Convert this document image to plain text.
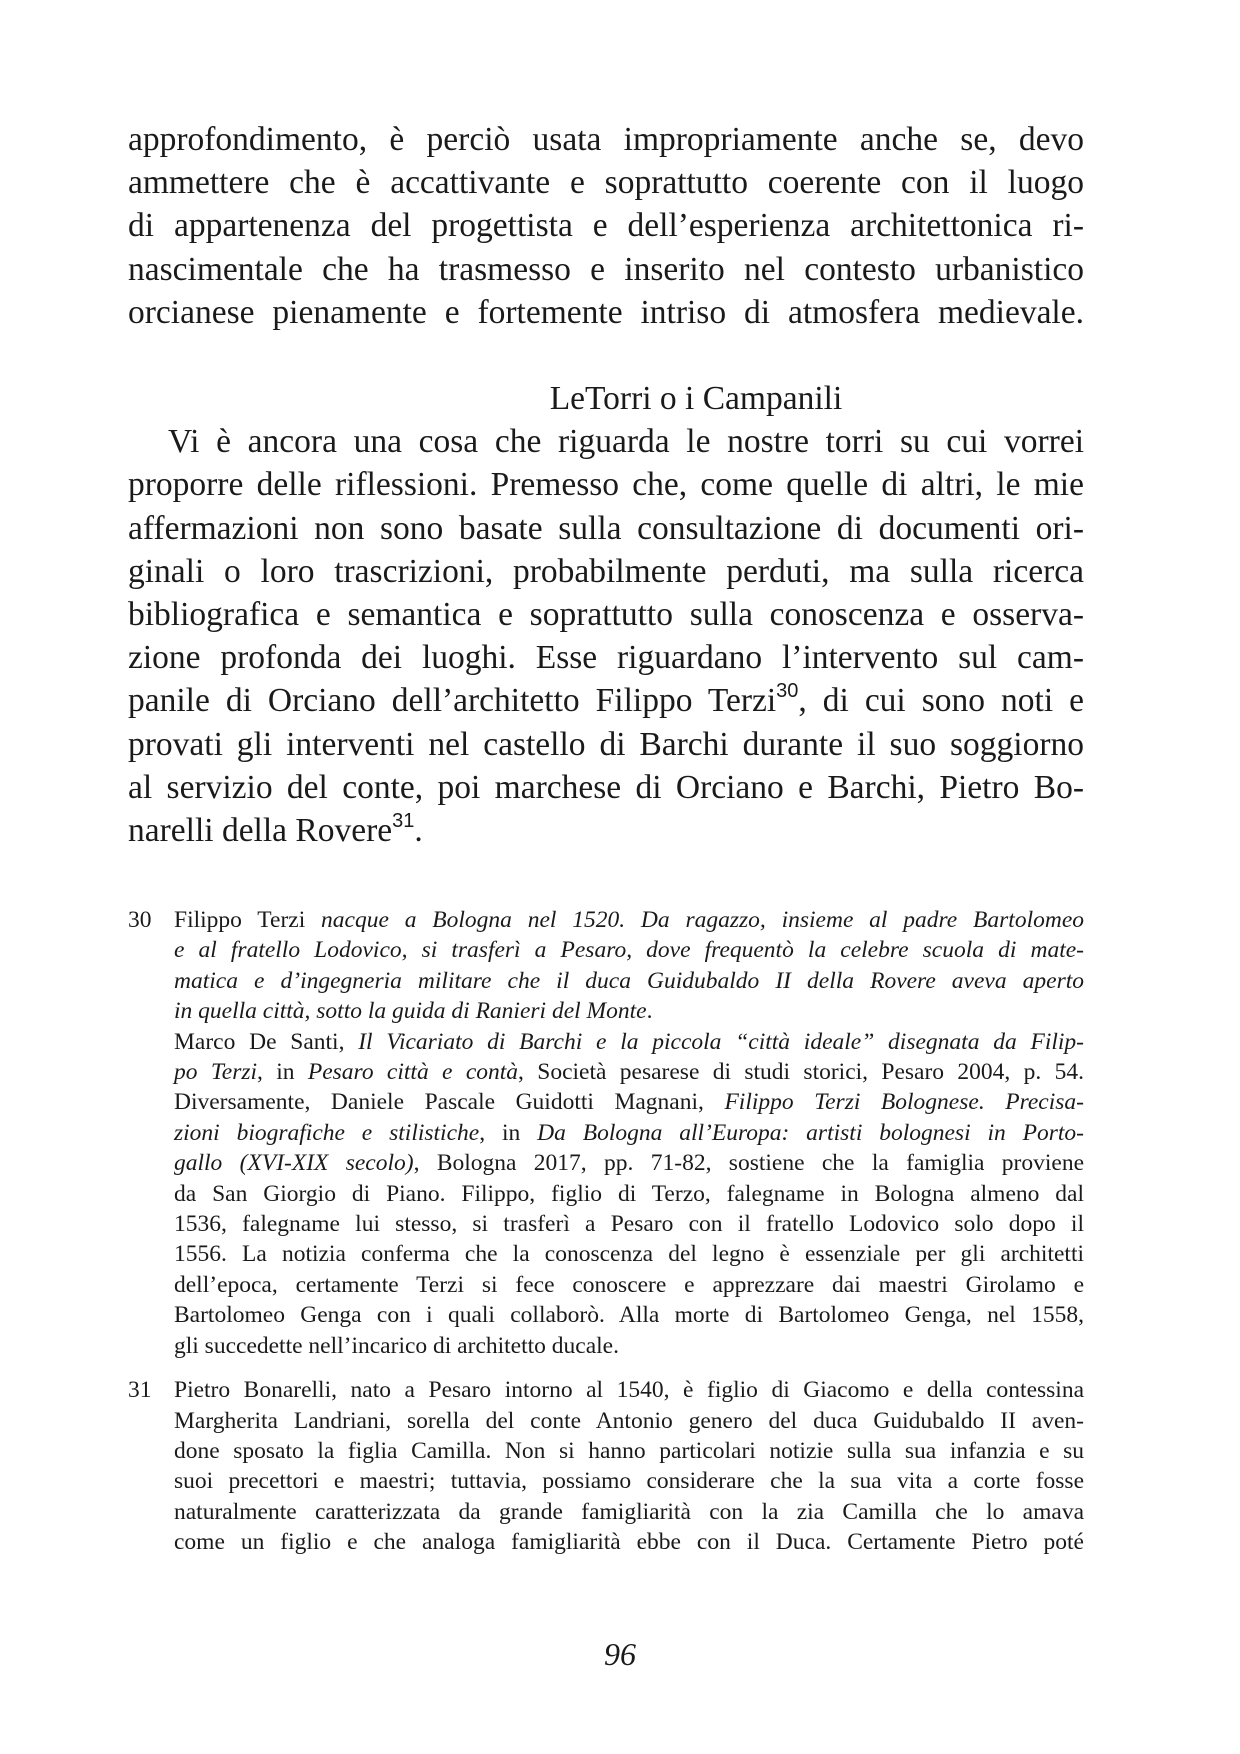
approfondimento, è perciò usata impropriamente anche se, devo
ammettere che è accattivante e soprattutto coerente con il luogo
di appartenenza del progettista e dell’esperienza architettonica ri-
nascimentale che ha trasmesso e inserito nel contesto urbanistico
orcianese pienamente e fortemente intriso di atmosfera medievale.

LeTorri o i Campanili

Vi è ancora una cosa che riguarda le nostre torri su cui vorrei
proporre delle riflessioni. Premesso che, come quelle di altri, le mie
affermazioni non sono basate sulla consultazione di documenti ori-
ginali o loro trascrizioni, probabilmente perduti, ma sulla ricerca
bibliografica e semantica e soprattutto sulla conoscenza e osserva-
zione profonda dei luoghi. Esse riguardano l’intervento sul cam-
panile di Orciano dell’architetto Filippo Terzi$^{30}$, di cui sono noti e
provati gli interventi nel castello di Barchi durante il suo soggiorno
al servizio del conte, poi marchese di Orciano e Barchi, Pietro Bo-
narelli della Rovere$^{31}$.

30 Filippo Terzi nacque a Bologna nel 1520. Da ragazzo, insieme al padre Bartolomeo
e al fratello Lodovico, si trasferì a Pesaro, dove frequentò la celebre scuola di mate-
matica e d’ingegneria militare che il duca Guidubaldo II della Rovere aveva aperto
in quella città, sotto la guida di Ranieri del Monte.
Marco De Santi, Il Vicariato di Barchi e la piccola “città ideale” disegnata da Filip-
po Terzi, in Pesaro città e contà, Società pesarese di studi storici, Pesaro 2004, p. 54.
Diversamente, Daniele Pascale Guidotti Magnani, Filippo Terzi Bolognese. Precisa-
zioni biografiche e stilistiche, in Da Bologna all’Europa: artisti bolognesi in Porto-
gallo (XVI-XIX secolo), Bologna 2017, pp. 71-82, sostiene che la famiglia proviene
da San Giorgio di Piano. Filippo, figlio di Terzo, falegname in Bologna almeno dal
1536, falegname lui stesso, si trasferì a Pesaro con il fratello Lodovico solo dopo il
1556. La notizia conferma che la conoscenza del legno è essenziale per gli architetti
dell’epoca, certamente Terzi si fece conoscere e apprezzare dai maestri Girolamo e
Bartolomeo Genga con i quali collaborò. Alla morte di Bartolomeo Genga, nel 1558,
gli succedette nell’incarico di architetto ducale.
31 Pietro Bonarelli, nato a Pesaro intorno al 1540, è figlio di Giacomo e della contessina
Margherita Landriani, sorella del conte Antonio genero del duca Guidubaldo II aven-
done sposato la figlia Camilla. Non si hanno particolari notizie sulla sua infanzia e su
suoi precettori e maestri; tuttavia, possiamo considerare che la sua vita a corte fosse
naturalmente caratterizzata da grande famigliarità con la zia Camilla che lo amava
come un figlio e che analoga famigliarità ebbe con il Duca. Certamente Pietro poté
96
